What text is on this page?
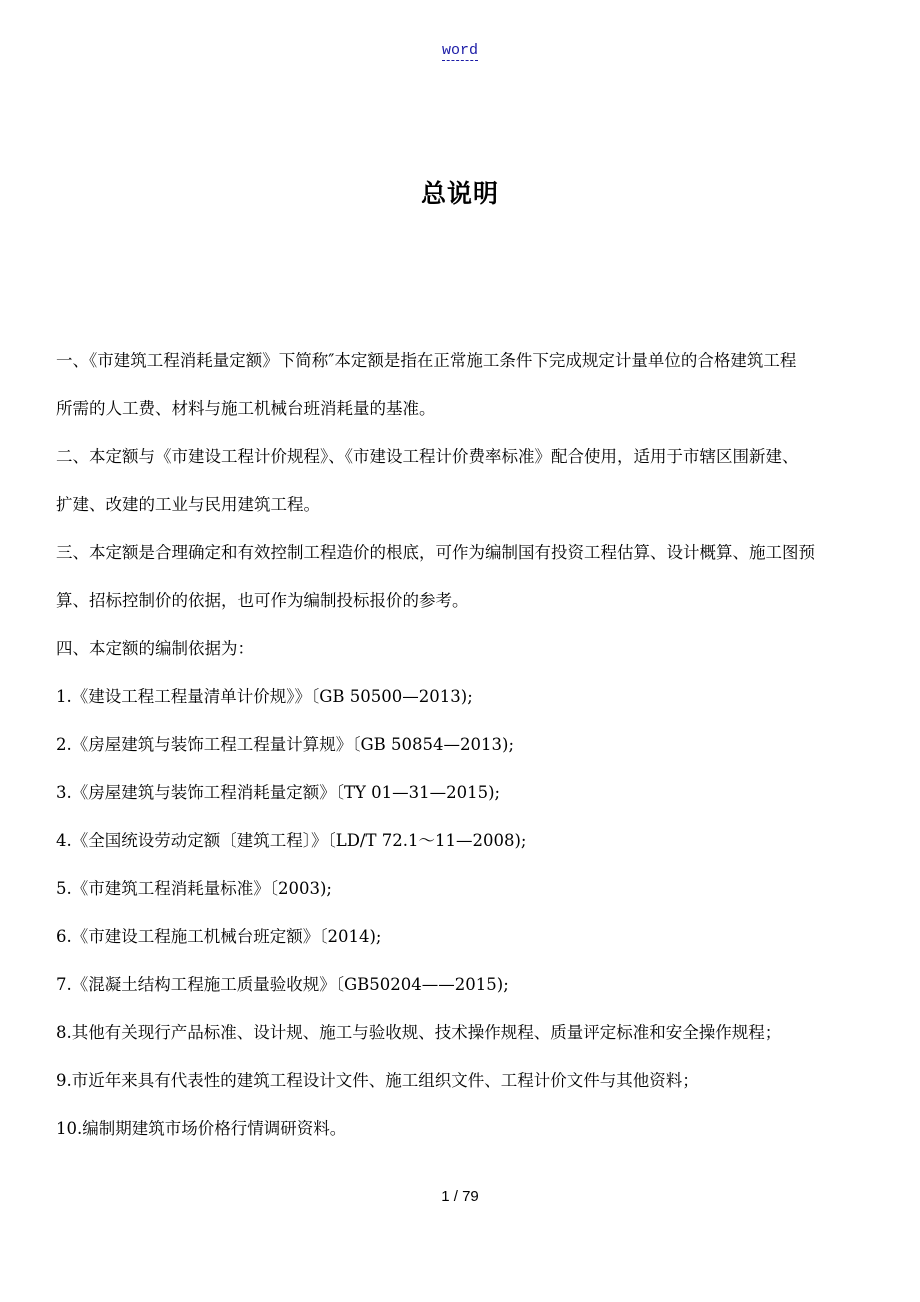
word
总说明

一、《市建筑工程消耗量定额》下简称″本定额是指在正常施工条件下完成规定计量单位的合格建筑工程
所需的人工费、材料与施工机械台班消耗量的基准。

二、本定额与《市建设工程计价规程》、《市建设工程计价费率标准》配合使用，适用于市辖区围新建、
扩建、改建的工业与民用建筑工程。

三、本定额是合理确定和有效控制工程造价的根底，可作为编制国有投资工程估算、设计概算、施工图预
算、招标控制价的依据，也可作为编制投标报价的参考。

四、本定额的编制依据为：

1.《建设工程工程量清单计价规》》〔GB 50500—2013);

2.《房屋建筑与装饰工程工程量计算规》〔GB 50854—2013);

3.《房屋建筑与装饰工程消耗量定额》〔TY 01—31—2015);

4.《全国统设劳动定额〔建筑工程〕》〔LD/T 72.1～11—2008);

5.《市建筑工程消耗量标准》〔2003);

6.《市建设工程施工机械台班定额》〔2014);

7.《混凝土结构工程施工质量验收规》〔GB50204——2015);

8.其他有关现行产品标准、设计规、施工与验收规、技术操作规程、质量评定标准和安全操作规程；

9.市近年来具有代表性的建筑工程设计文件、施工组织文件、工程计价文件与其他资料；

10.编制期建筑市场价格行情调研资料。

1 / 79
